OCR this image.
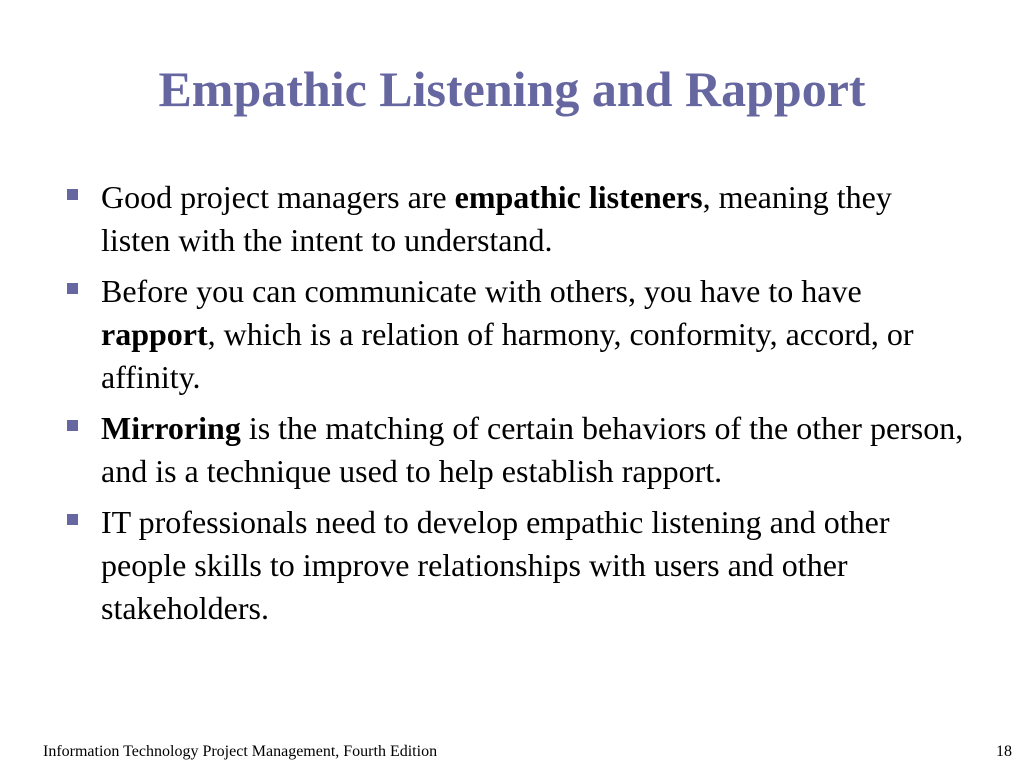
Empathic Listening and Rapport
Good project managers are empathic listeners, meaning they listen with the intent to understand.
Before you can communicate with others, you have to have rapport, which is a relation of harmony, conformity, accord, or affinity.
Mirroring is the matching of certain behaviors of the other person, and is a technique used to help establish rapport.
IT professionals need to develop empathic listening and other people skills to improve relationships with users and other stakeholders.
Information Technology Project Management, Fourth Edition	18
